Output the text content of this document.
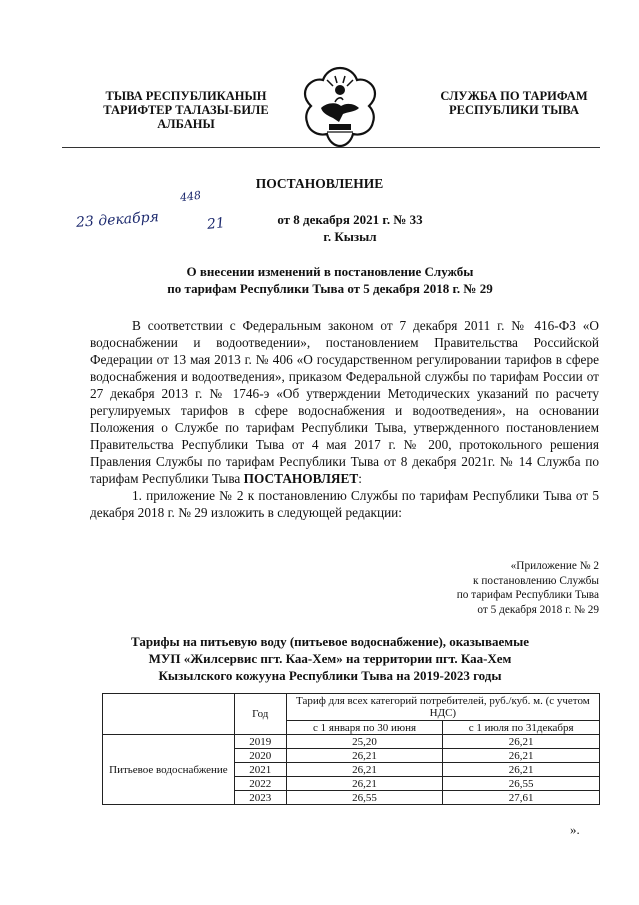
ТЫВА РЕСПУБЛИКАНЫН
ТАРИФТЕР ТАЛАЗЫ-БИЛЕ
АЛБАНЫ
СЛУЖБА ПО ТАРИФАМ
РЕСПУБЛИКИ ТЫВА
ПОСТАНОВЛЕНИЕ
23 декабря
448
21	от 8 декабря 2021 г. № 33
г. Кызыл
О внесении изменений в постановление Службы
по тарифам Республики Тыва от 5 декабря 2018 г. № 29

В соответствии с Федеральным законом от 7 декабря 2011 г. № 416-ФЗ «О водоснабжении и водоотведении», постановлением Правительства Российской Федерации от 13 мая 2013 г. № 406 «О государственном регулировании тарифов в сфере водоснабжения и водоотведения», приказом Федеральной службы по тарифам России от 27 декабря 2013 г. № 1746-э «Об утверждении Методических указаний по расчету регулируемых тарифов в сфере водоснабжения и водоотведения», на основании Положения о Службе по тарифам Республики Тыва, утвержденного постановлением Правительства Республики Тыва от 4 мая 2017 г. № 200, протокольного решения Правления Службы по тарифам Республики Тыва от 8 декабря 2021г. № 14 Служба по тарифам Республики Тыва ПОСТАНОВЛЯЕТ:

1. приложение № 2 к постановлению Службы по тарифам Республики Тыва от 5 декабря 2018 г. № 29 изложить в следующей редакции:

«Приложение № 2
к постановлению Службы
по тарифам Республики Тыва
от 5 декабря 2018 г. № 29
Тарифы на питьевую воду (питьевое водоснабжение), оказываемые
МУП «Жилсервис пгт. Каа-Хем» на территории пгт. Каа-Хем
Кызылского кожууна Республики Тыва на 2019-2023 годы
	Год	Тариф для всех категорий потребителей, руб./куб. м. (с учетом НДС)	
		с 1 января по 30 июня	с 1 июля по 31декабря
Питьевое водоснабжение	2019	25,20	26,21
	2020	26,21	26,21
	2021	26,21	26,21
	2022	26,21	26,55
	2023	26,55	27,61
».
